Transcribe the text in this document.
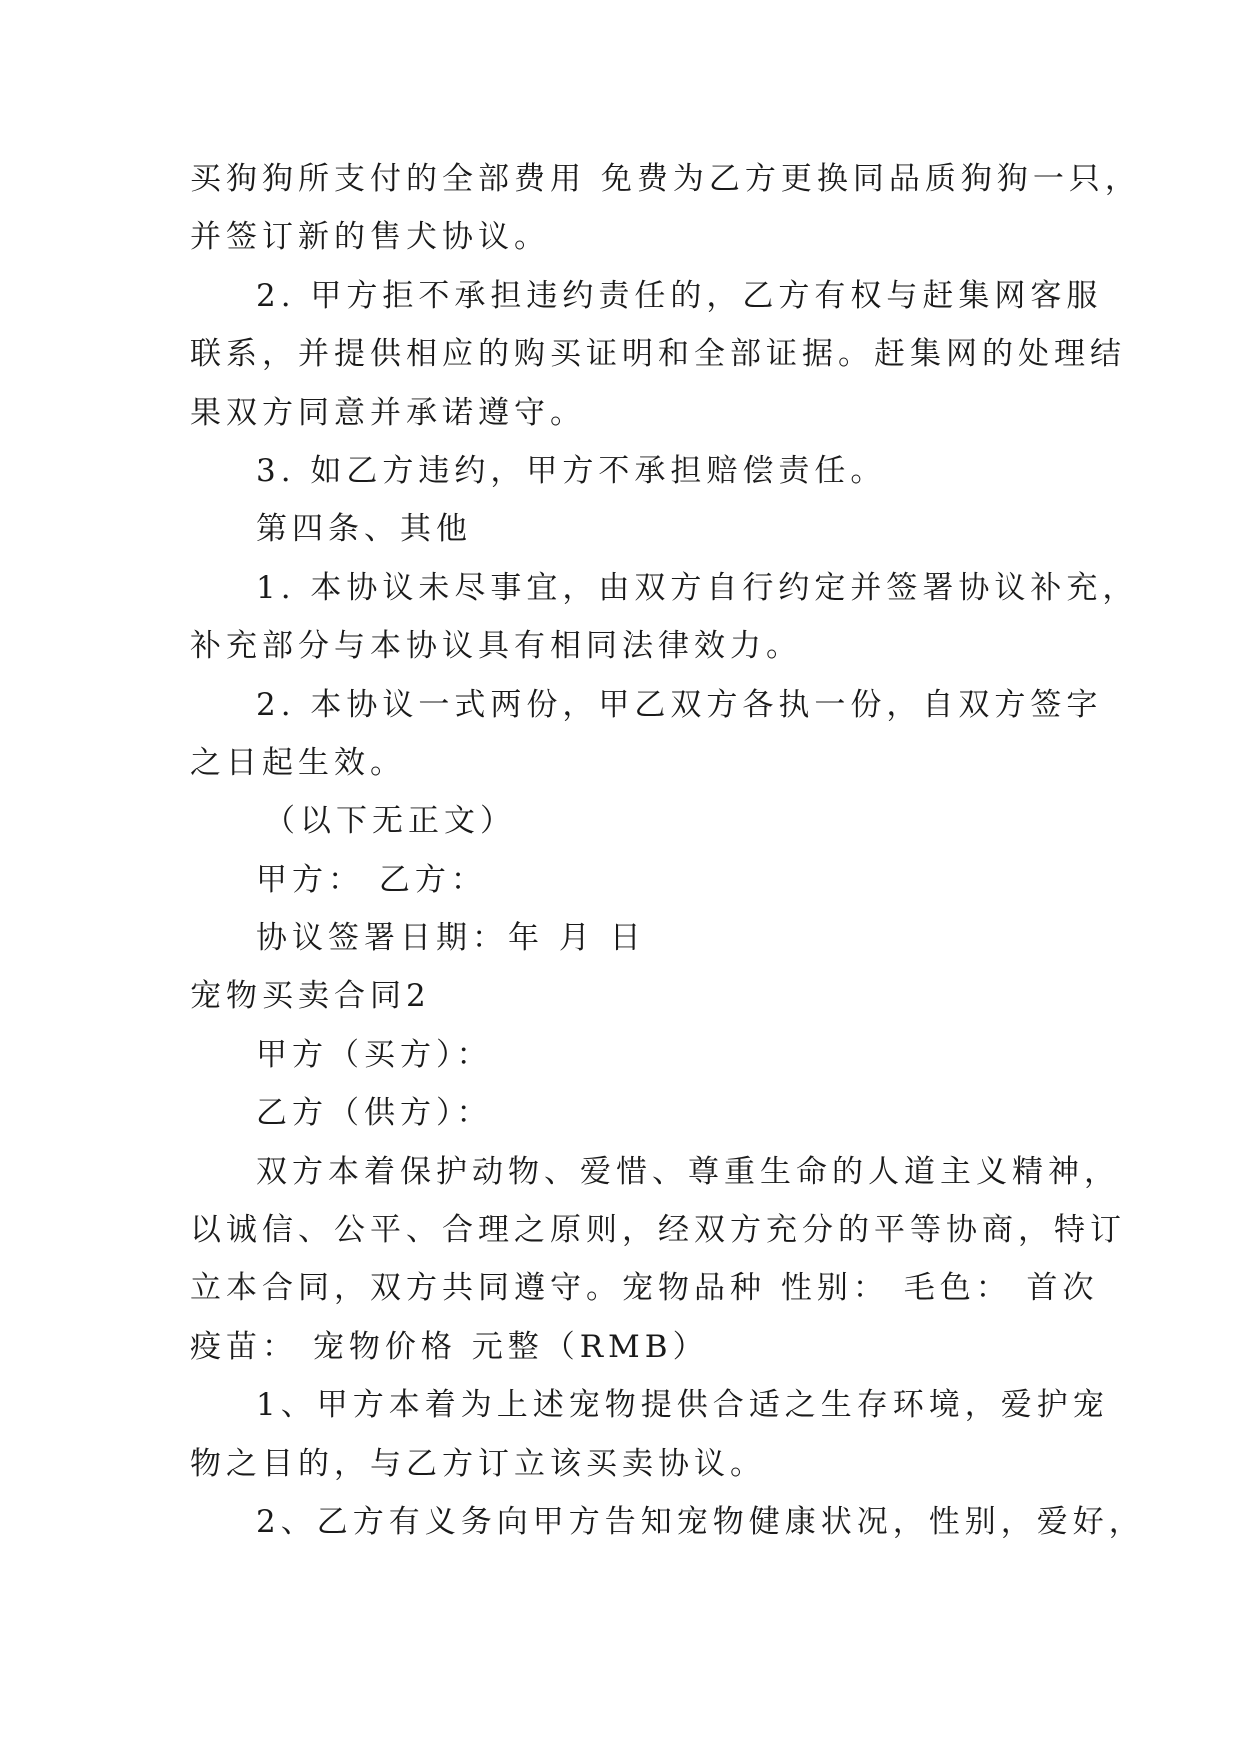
买狗狗所支付的全部费用 免费为乙方更换同品质狗狗一只，
并签订新的售犬协议。
2. 甲方拒不承担违约责任的，乙方有权与赶集网客服
联系，并提供相应的购买证明和全部证据。赶集网的处理结
果双方同意并承诺遵守。
3. 如乙方违约，甲方不承担赔偿责任。
第四条、其他
1. 本协议未尽事宜，由双方自行约定并签署协议补充，
补充部分与本协议具有相同法律效力。
2. 本协议一式两份，甲乙双方各执一份，自双方签字
之日起生效。
（以下无正文）
甲方： 乙方：
协议签署日期：年 月 日
宠物买卖合同2
甲方（买方）：
乙方（供方）：
双方本着保护动物、爱惜、尊重生命的人道主义精神，
以诚信、公平、合理之原则，经双方充分的平等协商，特订
立本合同，双方共同遵守。宠物品种 性别： 毛色： 首次
疫苗： 宠物价格 元整（RMB）
1、甲方本着为上述宠物提供合适之生存环境，爱护宠
物之目的，与乙方订立该买卖协议。
2、乙方有义务向甲方告知宠物健康状况，性别，爱好，
